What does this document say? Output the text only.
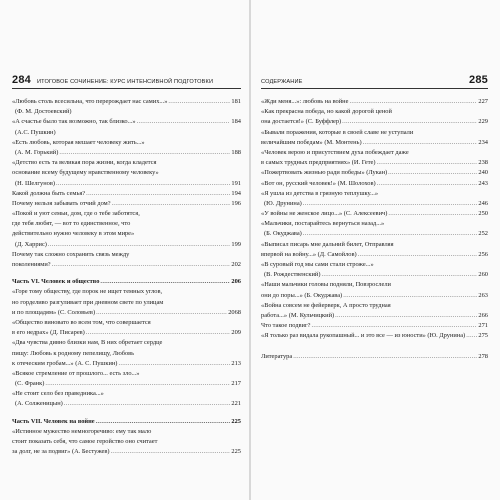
284 ИТОГОВОЕ СОЧИНЕНИЕ: КУРС ИНТЕНСИВНОЙ ПОДГОТОВКИ
«Любовь столь всесильна, что перерождает нас самих...» .....	181
(Ф. М. Достоевский)
«А счастье было так возможно, так близко...» .....	184
(А.С. Пушкин)
«Есть любовь, которая мешает человеку жить...»
(А. М. Горький) .....	188
«Детство есть та великая пора жизни, когда кладется
основание всему будущему нравственному человеку»
(Н. Шелгунов) .....	191
Какой должна быть семья? .....	194
Почему нельзя забывать отчий дом? .....	196
«Покой и уют семьи, дом, где о тебе заботятся,
где тебя любят, — вот то единственное, что
действительно нужно человеку в этом мире»
(Д. Харрис) .....	199
Почему так сложно сохранить связь между
поколениями? .....	202
Часть VI. Человек и общество .....	206
«Горе тому обществу, где порок не ищет темных углов,
но горделиво разгуливает при дневном свете по улицам
и по площадям» (С. Соловьев) .....	2068
«Общество виновато во всем том, что совершается
в его недрах» (Д. Писарев) .....	209
«Два чувства дивно близки нам, В них обретает сердце
пищу: Любовь к родному пепелищу, Любовь
к отеческим гробам...» (А. С. Пушкин) .....	213
«Всякое стремление от прошлого... есть зло...»
(С. Франк) .....	217
«Не стоит село без праведника...»
(А. Солженицын) .....	221
Часть VII. Человек на войне .....	225
«Истинное мужество немногоречиво: ему так мало
стоит показать себя, что самое геройство оно считает
за долг, не за подвиг» (А. Бестужев) .....	225
СОДЕРЖАНИЕ	285
«Жди меня...»: любовь на войне .....	227
«Как прекрасна победа, но какой дорогой ценой
она достается!» (С. Буффлер) .....	229
«Бывали поражения, которые в своей славе не уступали
величайшим победам» (М. Монтень) .....	234
«Человек верою и присутствием духа побеждает даже
в самых трудных предприятиях» (И. Гете) .....	238
«Пожертвовать жизнью ради победы» (Лукан) .....	240
«Вот он, русский человек!» (М. Шолохов) .....	243
«Я ушла из детства в грязную теплушку...»
(Ю. Друнина) .....	246
«У войны не женское лицо...» (С. Алексеевич) .....	250
«Мальчики, постарайтесь вернуться назад...»
(Б. Окуджава) .....	252
«Выписал писарь мне дальний билет, Отправляя
впервой на войну...» (Д. Самойлов) .....	256
«В суровый год мы сами стали строже...»
(В. Рождественский) .....	260
«Наши мальчики головы подняли, Повзрослели
они до поры...» (Б. Окуджава) .....	263
«Война совсем не фейерверк, А просто трудная
работа...» (М. Кульчицкий) .....	266
Что такое подвиг? .....	271
«Я только раз видала рукопашный... и это все — из юности» (Ю. Друнина) ..... 275
Литература .....	278
